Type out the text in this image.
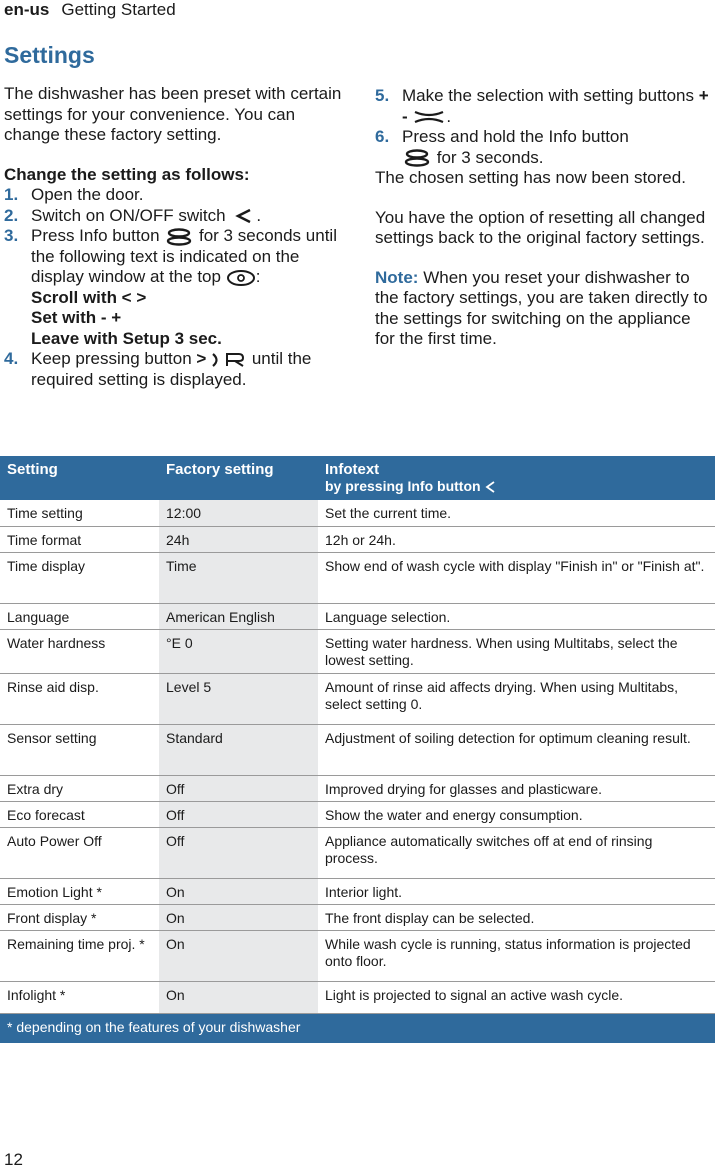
en-us Getting Started
Settings

The dishwasher has been preset with certain settings for your convenience. You can change these factory setting.

Change the setting as follows:

1. Open the door.
2. Switch on ON/OFF switch .
3. Press Info button for 3 seconds until the following text is indicated on the display window at the top :
Scroll with < >
Set with - +
Leave with Setup 3 sec.
4. Keep pressing button >	until the required setting is displayed.
5. Make the selection with setting buttons + - .
6. Press and hold the Info button
for 3 seconds.

The chosen setting has now been stored.

You have the option of resetting all changed settings back to the original factory settings.

Note: When you reset your dishwasher to the factory settings, you are taken directly to the settings for switching on the appliance for the first time.

Setting	Factory setting	Infotext
by pressing Info button

Time setting	12:00	Set the current time.
Time format	24h	12h or 24h.
Time display	Time	Show end of wash cycle with display "Finish in" or "Finish at".
Language	American English	Language selection.
Water hardness	°E 0	Setting water hardness. When using Multitabs, select the lowest setting.
Rinse aid disp.	Level 5	Amount of rinse aid affects drying. When using Multitabs, select setting 0.
Sensor setting	Standard	Adjustment of soiling detection for optimum cleaning result.
Extra dry	Off	Improved drying for glasses and plasticware.
Eco forecast	Off	Show the water and energy consumption.
Auto Power Off	Off	Appliance automatically switches off at end of rinsing process.
Emotion Light *	On	Interior light.
Front display *	On	The front display can be selected.
Remaining time proj. *	On	While wash cycle is running, status information is projected onto floor.
Infolight *	On	Light is projected to signal an active wash cycle.
* depending on the features of your dishwasher		
12
